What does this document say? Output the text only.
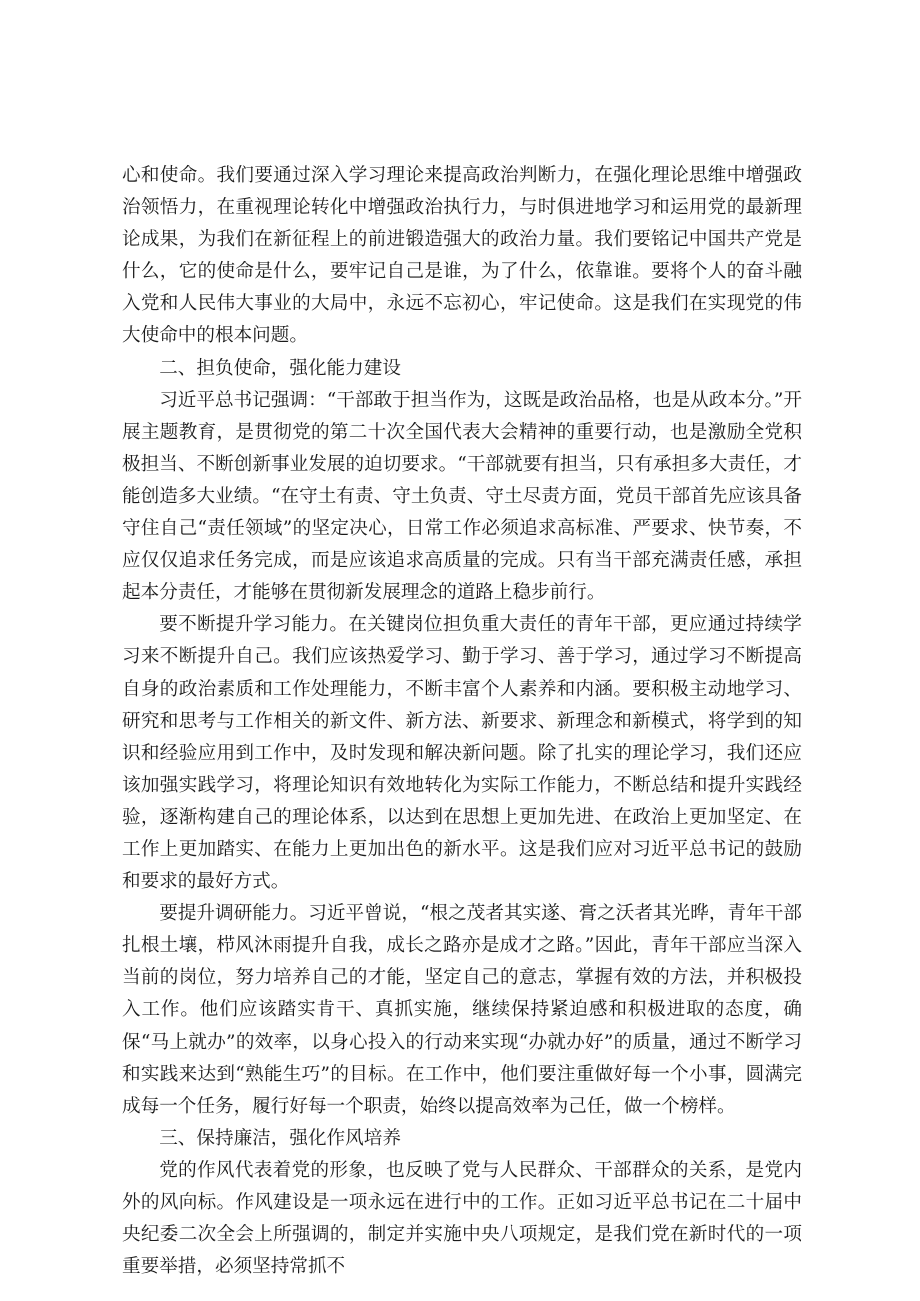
心和使命。我们要通过深入学习理论来提高政治判断力，在强化理论思维中增强政治领悟力，在重视理论转化中增强政治执行力，与时俱进地学习和运用党的最新理论成果，为我们在新征程上的前进锻造强大的政治力量。我们要铭记中国共产党是什么，它的使命是什么，要牢记自己是谁，为了什么，依靠谁。要将个人的奋斗融入党和人民伟大事业的大局中，永远不忘初心，牢记使命。这是我们在实现党的伟大使命中的根本问题。

二、担负使命，强化能力建设

习近平总书记强调：“干部敢于担当作为，这既是政治品格，也是从政本分。”开展主题教育，是贯彻党的第二十次全国代表大会精神的重要行动，也是激励全党积极担当、不断创新事业发展的迫切要求。“干部就要有担当，只有承担多大责任，才能创造多大业绩。“在守土有责、守土负责、守土尽责方面，党员干部首先应该具备守住自己“责任领域”的坚定决心，日常工作必须追求高标准、严要求、快节奏，不应仅仅追求任务完成，而是应该追求高质量的完成。只有当干部充满责任感，承担起本分责任，才能够在贯彻新发展理念的道路上稳步前行。

要不断提升学习能力。在关键岗位担负重大责任的青年干部，更应通过持续学习来不断提升自己。我们应该热爱学习、勤于学习、善于学习，通过学习不断提高自身的政治素质和工作处理能力，不断丰富个人素养和内涵。要积极主动地学习、研究和思考与工作相关的新文件、新方法、新要求、新理念和新模式，将学到的知识和经验应用到工作中，及时发现和解决新问题。除了扎实的理论学习，我们还应该加强实践学习，将理论知识有效地转化为实际工作能力，不断总结和提升实践经验，逐渐构建自己的理论体系，以达到在思想上更加先进、在政治上更加坚定、在工作上更加踏实、在能力上更加出色的新水平。这是我们应对习近平总书记的鼓励和要求的最好方式。

要提升调研能力。习近平曾说，“根之茂者其实遂、膏之沃者其光晔，青年干部扎根土壤，栉风沐雨提升自我，成长之路亦是成才之路。”因此，青年干部应当深入当前的岗位，努力培养自己的才能，坚定自己的意志，掌握有效的方法，并积极投入工作。他们应该踏实肯干、真抓实施，继续保持紧迫感和积极进取的态度，确保“马上就办”的效率，以身心投入的行动来实现“办就办好”的质量，通过不断学习和实践来达到“熟能生巧”的目标。在工作中，他们要注重做好每一个小事，圆满完成每一个任务，履行好每一个职责，始终以提高效率为己任，做一个榜样。

三、保持廉洁，强化作风培养

党的作风代表着党的形象，也反映了党与人民群众、干部群众的关系，是党内外的风向标。作风建设是一项永远在进行中的工作。正如习近平总书记在二十届中央纪委二次全会上所强调的，制定并实施中央八项规定，是我们党在新时代的一项重要举措，必须坚持常抓不
